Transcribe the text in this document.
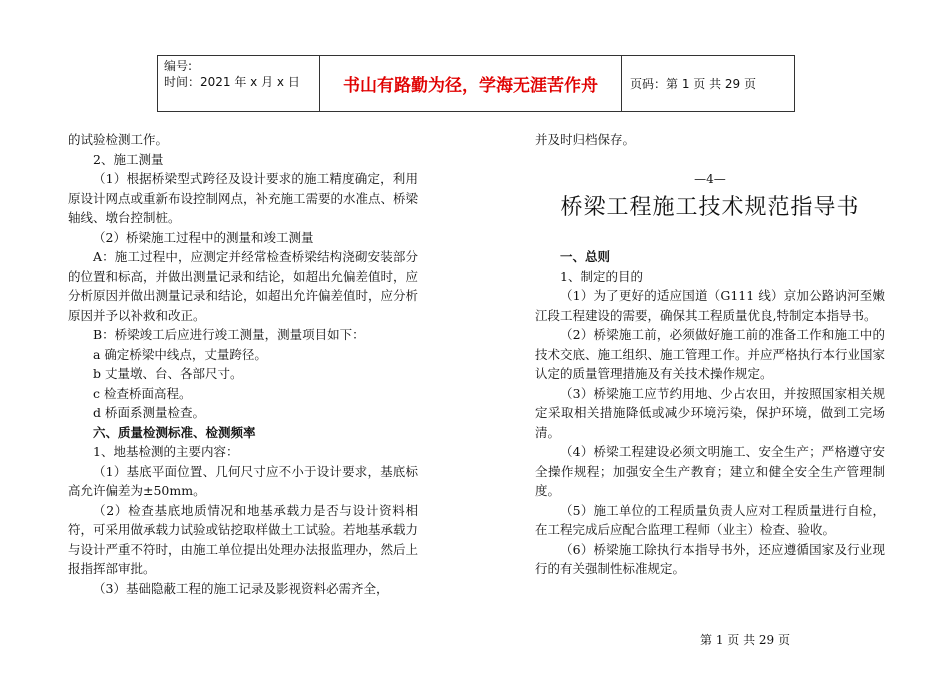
编号:
时间：2021 年 x 月 x 日	书山有路勤为径，学海无涯苦作舟	页码：第 1 页 共 29 页

的试验检测工作。

2、施工测量

（1）根据桥梁型式跨径及设计要求的施工精度确定，利用原设计网点或重新布设控制网点，补充施工需要的水准点、桥梁轴线、墩台控制桩。

（2）桥梁施工过程中的测量和竣工测量

A：施工过程中，应测定并经常检查桥梁结构浇砌安装部分的位置和标高，并做出测量记录和结论，如超出允偏差值时，应分析原因并做出测量记录和结论，如超出允许偏差值时，应分析原因并予以补救和改正。

B：桥梁竣工后应进行竣工测量，测量项目如下：

a 确定桥梁中线点，丈量跨径。

b 丈量墩、台、各部尺寸。

c 检查桥面高程。

d 桥面系测量检查。

六、质量检测标准、检测频率

1、地基检测的主要内容：

（1）基底平面位置、几何尺寸应不小于设计要求，基底标高允许偏差为±50mm。

（2）检查基底地质情况和地基承载力是否与设计资料相符，可采用做承载力试验或钻挖取样做土工试验。若地基承载力与设计严重不符时，由施工单位提出处理办法报监理办，然后上报指挥部审批。

（3）基础隐蔽工程的施工记录及影视资料必需齐全，

并及时归档保存。

—4—
桥梁工程施工技术规范指导书

一、总则

1、制定的目的

（1）为了更好的适应国道（G111 线）京加公路讷河至嫩江段工程建设的需要，确保其工程质量优良,特制定本指导书。

（2）桥梁施工前，必须做好施工前的准备工作和施工中的技术交底、施工组织、施工管理工作。并应严格执行本行业国家认定的质量管理措施及有关技术操作规定。

（3）桥梁施工应节约用地、少占农田，并按照国家相关规定采取相关措施降低或减少环境污染，保护环境，做到工完场清。

（4）桥梁工程建设必须文明施工、安全生产；严格遵守安全操作规程；加强安全生产教育；建立和健全安全生产管理制度。

（5）施工单位的工程质量负责人应对工程质量进行自检，在工程完成后应配合监理工程师（业主）检查、验收。

（6）桥梁施工除执行本指导书外，还应遵循国家及行业现行的有关强制性标准规定。

第 1 页 共 29 页
